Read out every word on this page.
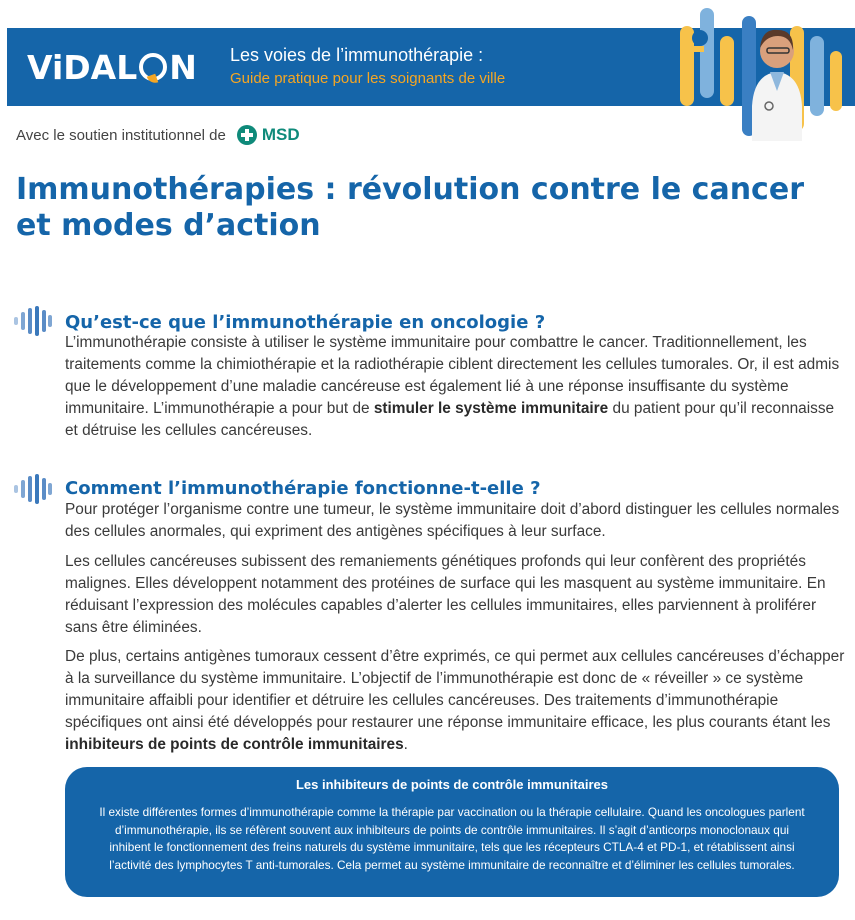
ViDAL N Les voies de l’immunothérapie :
Guide pratique pour les soignants de ville
Avec le soutien institutionnel de MSD
Immunothérapies : révolution contre le cancer et modes d’action
Qu’est-ce que l’immunothérapie en oncologie ?

L’immunothérapie consiste à utiliser le système immunitaire pour combattre le cancer. Traditionnellement, les traitements comme la chimiothérapie et la radiothérapie ciblent directement les cellules tumorales. Or, il est admis que le développement d’une maladie cancéreuse est également lié à une réponse insuffisante du système immunitaire. L’immunothérapie a pour but de stimuler le système immunitaire du patient pour qu’il reconnaisse et détruise les cellules cancéreuses.

Comment l’immunothérapie fonctionne-t-elle ?

Pour protéger l’organisme contre une tumeur, le système immunitaire doit d’abord distinguer les cellules normales des cellules anormales, qui expriment des antigènes spécifiques à leur surface.

Les cellules cancéreuses subissent des remaniements génétiques profonds qui leur confèrent des propriétés malignes. Elles développent notamment des protéines de surface qui les masquent au système immunitaire. En réduisant l’expression des molécules capables d’alerter les cellules immunitaires, elles parviennent à proliférer sans être éliminées.

De plus, certains antigènes tumoraux cessent d’être exprimés, ce qui permet aux cellules cancéreuses d’échapper à la surveillance du système immunitaire. L’objectif de l’immunothérapie est donc de « réveiller » ce système immunitaire affaibli pour identifier et détruire les cellules cancéreuses. Des traitements d’immunothérapie spécifiques ont ainsi été développés pour restaurer une réponse immunitaire efficace, les plus courants étant les inhibiteurs de points de contrôle immunitaires.

Les inhibiteurs de points de contrôle immunitaires
Il existe différentes formes d’immunothérapie comme la thérapie par vaccination ou la thérapie cellulaire. Quand les oncologues parlent d’immunothérapie, ils se réfèrent souvent aux inhibiteurs de points de contrôle immunitaires. Il s’agit d’anticorps monoclonaux qui inhibent le fonctionnement des freins naturels du système immunitaire, tels que les récepteurs CTLA-4 et PD-1, et rétablissent ainsi l’activité des lymphocytes T anti-tumorales. Cela permet au système immunitaire de reconnaître et d’éliminer les cellules tumorales.
